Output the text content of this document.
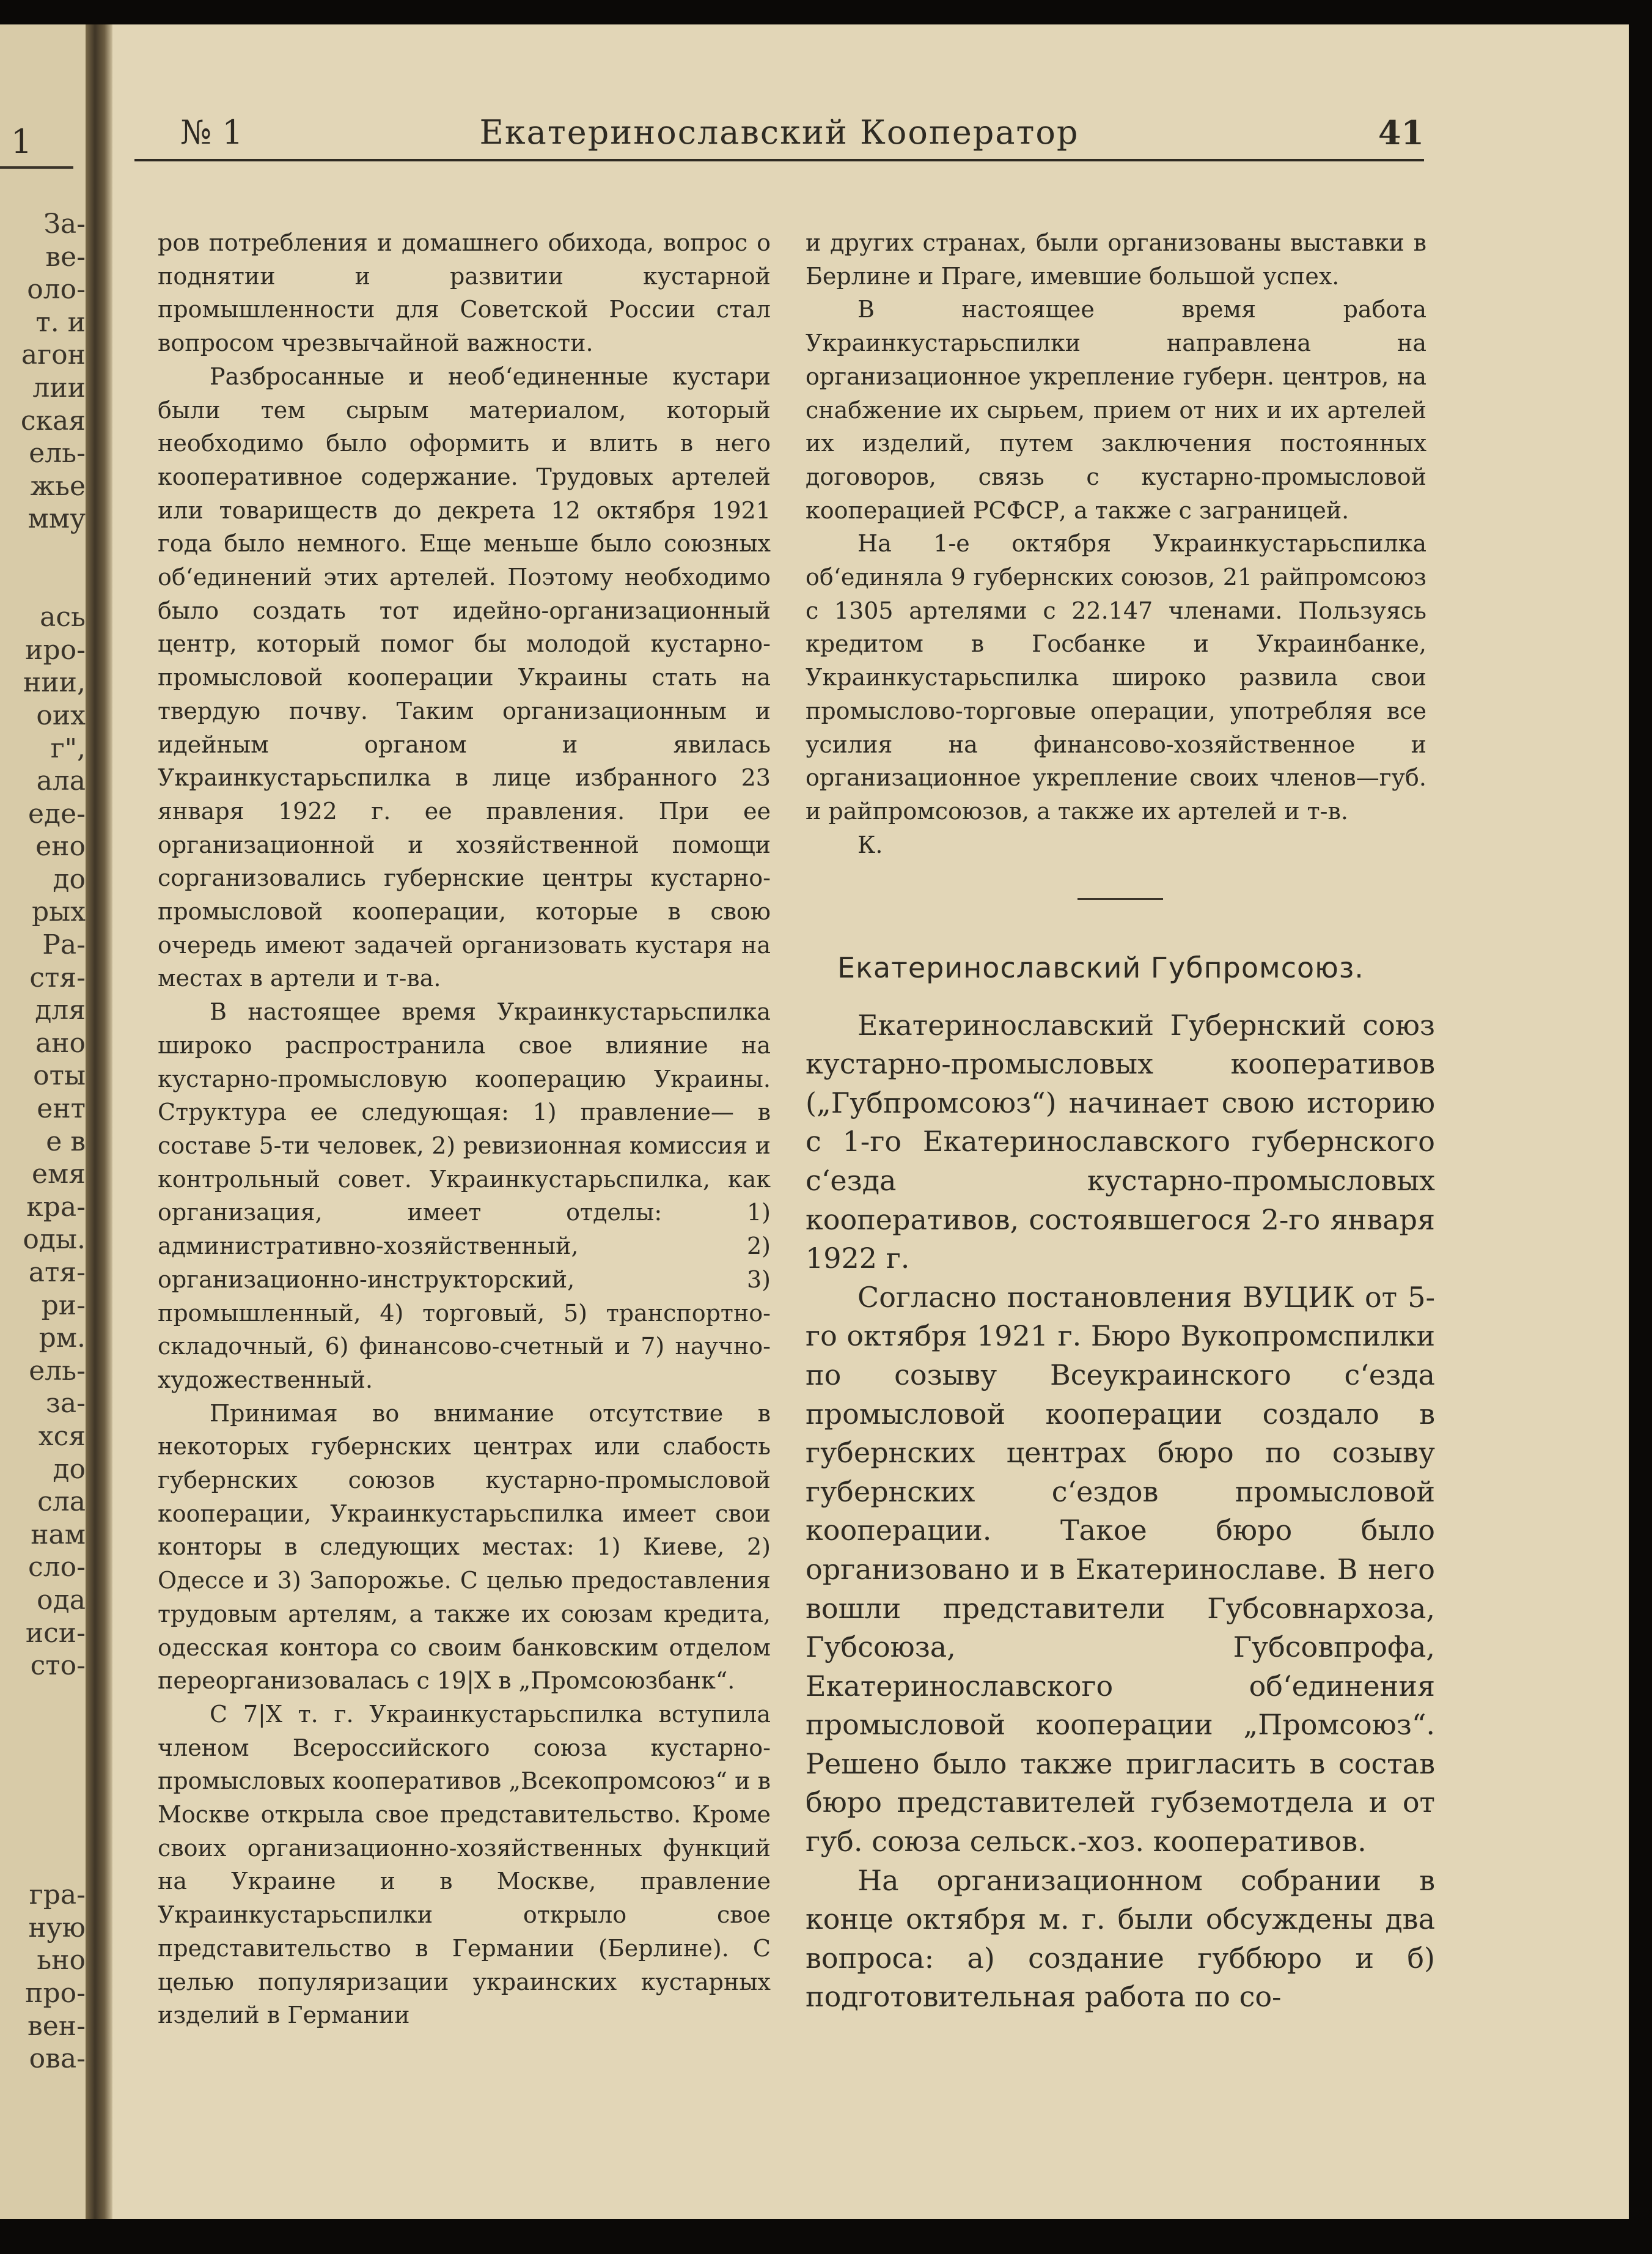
1
За-
ве-
оло-
т. и
агон
лии
ская
ель-
жье
мму
ась
иро-
нии,
оих
г",
ала
еде-
ено
до
рых
Ра-
стя-
для
ано
оты
ент
е в
емя
кра-
оды.
атя-
ри-
рм.
ель-
за-
хся
до
сла
нам
сло-
ода
иси-
сто-
гра-
ную
ьно
про-
вен-
ова-
№ 1	Екатеринославский Кооператор	41

ров потребления и домашнего обихода, вопрос о поднятии и развитии кустарной промышленности для Советской России стал вопросом чрезвычайной важности.

Разбросанные и необ‘единенные кустари были тем сырым материалом, который необходимо было оформить и влить в него кооперативное содержание. Трудовых артелей или товариществ до декрета 12 октября 1921 года было немного. Еще меньше было союзных об‘единений этих артелей. Поэтому необходимо было создать тот идейно-организационный центр, который помог бы молодой кустарно-промысловой кооперации Украины стать на твердую почву. Таким организационным и идейным органом и явилась Украинкустарьспилка в лице избранного 23 января 1922 г. ее правления. При ее организационной и хозяйственной помощи сорганизовались губернские центры кустарно-промысловой кооперации, которые в свою очередь имеют задачей организовать кустаря на местах в артели и т-ва.

В настоящее время Украинкустарьспилка широко распространила свое влияние на кустарно-промысловую кооперацию Украины. Структура ее следующая: 1) правление— в составе 5-ти человек, 2) ревизионная комиссия и контрольный совет. Украинкустарьспилка, как организация, имеет отделы: 1) административно-хозяйственный, 2) организационно-инструкторский, 3) промышленный, 4) торговый, 5) транспортно-складочный, 6) финансово-счетный и 7) научно-художественный.

Принимая во внимание отсутствие в некоторых губернских центрах или слабость губернских союзов кустарно-промысловой кооперации, Украинкустарьспилка имеет свои конторы в следующих местах: 1) Киеве, 2) Одессе и 3) Запорожье. С целью предоставления трудовым артелям, а также их союзам кредита, одесская контора со своим банковским отделом переорганизовалась с 19|X в „Промсоюзбанк“.

С 7|X т. г. Украинкустарьспилка вступила членом Всероссийского союза кустарно-промысловых кооперативов „Всекопромсоюз“ и в Москве открыла свое представительство. Кроме своих организационно-хозяйственных функций на Украине и в Москве, правление Украинкустарьспилки открыло свое представительство в Германии (Берлине). С целью популяризации украинских кустарных изделий в Германии

и других странах, были организованы выставки в Берлине и Праге, имевшие большой успех.

В настоящее время работа Украинкустарьспилки направлена на организационное укрепление губерн. центров, на снабжение их сырьем, прием от них и их артелей их изделий, путем заключения постоянных договоров, связь с кустарно-промысловой кооперацией РСФСР, а также с заграницей.

На 1-е октября Украинкустарьспилка об‘единяла 9 губернских союзов, 21 райпромсоюз с 1305 артелями с 22.147 членами. Пользуясь кредитом в Госбанке и Украинбанке, Украинкустарьспилка широко развила свои промыслово-торговые операции, употребляя все усилия на финансово-хозяйственное и организационное укрепление своих членов—губ. и райпромсоюзов, а также их артелей и т-в.

К.

Екатеринославский Губпромсоюз.

Екатеринославский Губернский союз кустарно-промысловых кооперативов („Губпромсоюз“) начинает свою историю с 1-го Екатеринославского губернского с‘езда кустарно-промысловых кооперативов, состоявшегося 2-го января 1922 г.

Согласно постановления ВУЦИК от 5-го октября 1921 г. Бюро Вукопромспилки по созыву Всеукраинского с‘езда промысловой кооперации создало в губернских центрах бюро по созыву губернских с‘ездов промысловой кооперации. Такое бюро было организовано и в Екатеринославе. В него вошли представители Губсовнархоза, Губсоюза, Губсовпрофа, Екатеринославского об‘единения промысловой кооперации „Промсоюз“. Решено было также пригласить в состав бюро представителей губземотдела и от губ. союза сельск.-хоз. кооперативов.

На организационном собрании в конце октября м. г. были обсуждены два вопроса: а) создание губбюро и б) подготовительная работа по со-
